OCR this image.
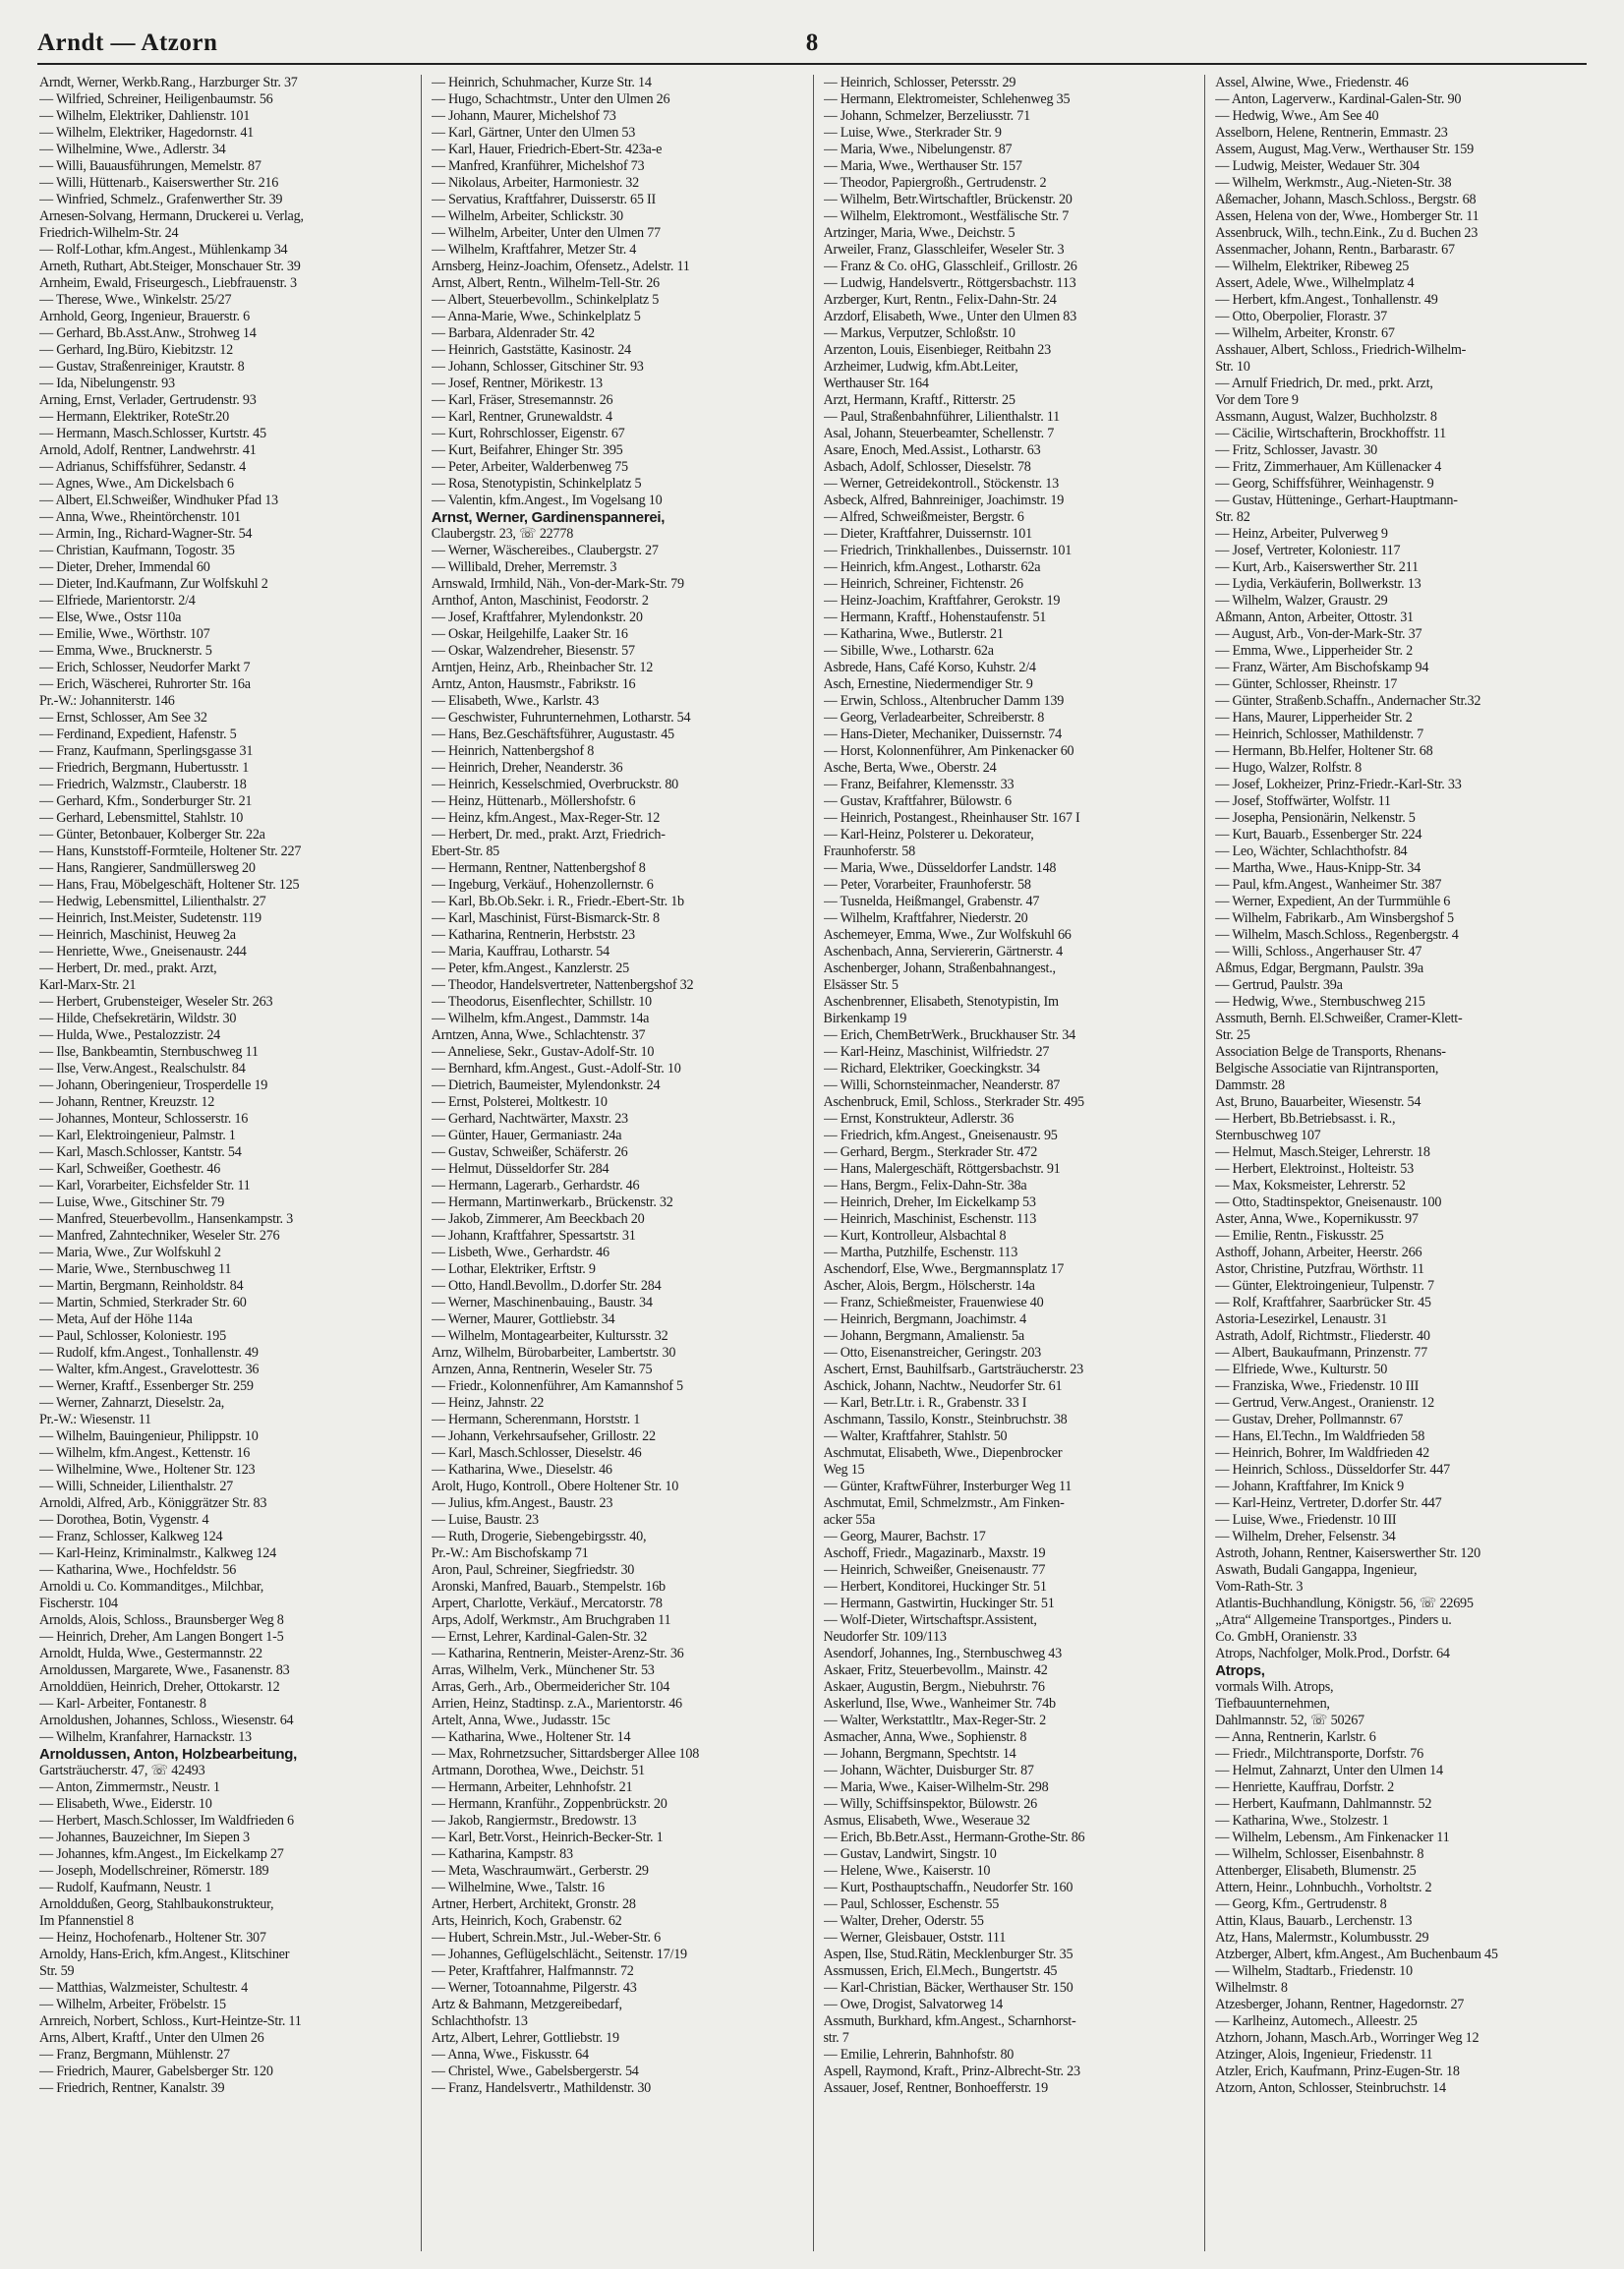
Arndt — Atzorn	8

Arndt, Werner, Werkb.Rang., Harzburger Str. 37

— Wilfried, Schreiner, Heiligenbaumstr. 56

— Wilhelm, Elektriker, Dahlienstr. 101

— Wilhelm, Elektriker, Hagedornstr. 41

— Wilhelmine, Wwe., Adlerstr. 34

— Willi, Bauausführungen, Memelstr. 87

— Willi, Hüttenarb., Kaiserswerther Str. 216

— Winfried, Schmelz., Grafenwerther Str. 39

Arnesen-Solvang, Hermann, Druckerei u. Verlag,

Friedrich-Wilhelm-Str. 24

— Rolf-Lothar, kfm.Angest., Mühlenkamp 34

Arneth, Ruthart, Abt.Steiger, Monschauer Str. 39

Arnheim, Ewald, Friseurgesch., Liebfrauenstr. 3

— Therese, Wwe., Winkelstr. 25/27

Arnhold, Georg, Ingenieur, Brauerstr. 6

— Gerhard, Bb.Asst.Anw., Strohweg 14

— Gerhard, Ing.Büro, Kiebitzstr. 12

— Gustav, Straßenreiniger, Krautstr. 8

— Ida, Nibelungenstr. 93

Arning, Ernst, Verlader, Gertrudenstr. 93

— Hermann, Elektriker, RoteStr.20

— Hermann, Masch.Schlosser, Kurtstr. 45

Arnold, Adolf, Rentner, Landwehrstr. 41

— Adrianus, Schiffsführer, Sedanstr. 4

— Agnes, Wwe., Am Dickelsbach 6

— Albert, El.Schweißer, Windhuker Pfad 13

— Anna, Wwe., Rheintörchenstr. 101

— Armin, Ing., Richard-Wagner-Str. 54

— Christian, Kaufmann, Togostr. 35

— Dieter, Dreher, Immendal 60

— Dieter, Ind.Kaufmann, Zur Wolfskuhl 2

— Elfriede, Marientorstr. 2/4

— Else, Wwe., Ostsr 110a

— Emilie, Wwe., Wörthstr. 107

— Emma, Wwe., Brucknerstr. 5

— Erich, Schlosser, Neudorfer Markt 7

— Erich, Wäscherei, Ruhrorter Str. 16a

Pr.-W.: Johanniterstr. 146

— Ernst, Schlosser, Am See 32

— Ferdinand, Expedient, Hafenstr. 5

— Franz, Kaufmann, Sperlingsgasse 31

— Friedrich, Bergmann, Hubertusstr. 1

— Friedrich, Walzmstr., Clauberstr. 18

— Gerhard, Kfm., Sonderburger Str. 21

— Gerhard, Lebensmittel, Stahlstr. 10

— Günter, Betonbauer, Kolberger Str. 22a

— Hans, Kunststoff-Formteile, Holtener Str. 227

— Hans, Rangierer, Sandmüllersweg 20

— Hans, Frau, Möbelgeschäft, Holtener Str. 125

— Hedwig, Lebensmittel, Lilienthalstr. 27

— Heinrich, Inst.Meister, Sudetenstr. 119

— Heinrich, Maschinist, Heuweg 2a

— Henriette, Wwe., Gneisenaustr. 244

— Herbert, Dr. med., prakt. Arzt,

Karl-Marx-Str. 21

— Herbert, Grubensteiger, Weseler Str. 263

— Hilde, Chefsekretärin, Wildstr. 30

— Hulda, Wwe., Pestalozzistr. 24

— Ilse, Bankbeamtin, Sternbuschweg 11

— Ilse, Verw.Angest., Realschulstr. 84

— Johann, Oberingenieur, Trosperdelle 19

— Johann, Rentner, Kreuzstr. 12

— Johannes, Monteur, Schlosserstr. 16

— Karl, Elektroingenieur, Palmstr. 1

— Karl, Masch.Schlosser, Kantstr. 54

— Karl, Schweißer, Goethestr. 46

— Karl, Vorarbeiter, Eichsfelder Str. 11

— Luise, Wwe., Gitschiner Str. 79

— Manfred, Steuerbevollm., Hansenkampstr. 3

— Manfred, Zahntechniker, Weseler Str. 276

— Maria, Wwe., Zur Wolfskuhl 2

— Marie, Wwe., Sternbuschweg 11

— Martin, Bergmann, Reinholdstr. 84

— Martin, Schmied, Sterkrader Str. 60

— Meta, Auf der Höhe 114a

— Paul, Schlosser, Koloniestr. 195

— Rudolf, kfm.Angest., Tonhallenstr. 49

— Walter, kfm.Angest., Gravelottestr. 36

— Werner, Kraftf., Essenberger Str. 259

— Werner, Zahnarzt, Dieselstr. 2a,

Pr.-W.: Wiesenstr. 11

— Wilhelm, Bauingenieur, Philippstr. 10

— Wilhelm, kfm.Angest., Kettenstr. 16

— Wilhelmine, Wwe., Holtener Str. 123

— Willi, Schneider, Lilienthalstr. 27

Arnoldi, Alfred, Arb., Königgrätzer Str. 83

— Dorothea, Botin, Vygenstr. 4

— Franz, Schlosser, Kalkweg 124

— Karl-Heinz, Kriminalmstr., Kalkweg 124

— Katharina, Wwe., Hochfeldstr. 56

Arnoldi u. Co. Kommanditges., Milchbar,

Fischerstr. 104

Arnolds, Alois, Schloss., Braunsberger Weg 8

— Heinrich, Dreher, Am Langen Bongert 1-5

Arnoldt, Hulda, Wwe., Gestermannstr. 22

Arnoldussen, Margarete, Wwe., Fasanenstr. 83

Arnolddüen, Heinrich, Dreher, Ottokarstr. 12

— Karl- Arbeiter, Fontanestr. 8

Arnoldushen, Johannes, Schloss., Wiesenstr. 64

— Wilhelm, Kranfahrer, Harnackstr. 13

Arnoldussen, Anton, Holzbearbeitung,

Gartsträucherstr. 47, ☏ 42493

— Anton, Zimmermstr., Neustr. 1

— Elisabeth, Wwe., Eiderstr. 10

— Herbert, Masch.Schlosser, Im Waldfrieden 6

— Johannes, Bauzeichner, Im Siepen 3

— Johannes, kfm.Angest., Im Eickelkamp 27

— Joseph, Modellschreiner, Römerstr. 189

— Rudolf, Kaufmann, Neustr. 1

Arnolddußen, Georg, Stahlbaukonstrukteur,

Im Pfannenstiel 8

— Heinz, Hochofenarb., Holtener Str. 307

Arnoldy, Hans-Erich, kfm.Angest., Klitschiner

Str. 59

— Matthias, Walzmeister, Schultestr. 4

— Wilhelm, Arbeiter, Fröbelstr. 15

Arnreich, Norbert, Schloss., Kurt-Heintze-Str. 11

Arns, Albert, Kraftf., Unter den Ulmen 26

— Franz, Bergmann, Mühlenstr. 27

— Friedrich, Maurer, Gabelsberger Str. 120

— Friedrich, Rentner, Kanalstr. 39

— Heinrich, Schuhmacher, Kurze Str. 14

— Hugo, Schachtmstr., Unter den Ulmen 26

— Johann, Maurer, Michelshof 73

— Karl, Gärtner, Unter den Ulmen 53

— Karl, Hauer, Friedrich-Ebert-Str. 423a-e

— Manfred, Kranführer, Michelshof 73

— Nikolaus, Arbeiter, Harmoniestr. 32

— Servatius, Kraftfahrer, Duisserstr. 65 II

— Wilhelm, Arbeiter, Schlickstr. 30

— Wilhelm, Arbeiter, Unter den Ulmen 77

— Wilhelm, Kraftfahrer, Metzer Str. 4

Arnsberg, Heinz-Joachim, Ofensetz., Adelstr. 11

Arnst, Albert, Rentn., Wilhelm-Tell-Str. 26

— Albert, Steuerbevollm., Schinkelplatz 5

— Anna-Marie, Wwe., Schinkelplatz 5

— Barbara, Aldenrader Str. 42

— Heinrich, Gaststätte, Kasinostr. 24

— Johann, Schlosser, Gitschiner Str. 93

— Josef, Rentner, Mörikestr. 13

— Karl, Fräser, Stresemannstr. 26

— Karl, Rentner, Grunewaldstr. 4

— Kurt, Rohrschlosser, Eigenstr. 67

— Kurt, Beifahrer, Ehinger Str. 395

— Peter, Arbeiter, Walderbenweg 75

— Rosa, Stenotypistin, Schinkelplatz 5

— Valentin, kfm.Angest., Im Vogelsang 10

Arnst, Werner, Gardinenspannerei,

Claubergstr. 23, ☏ 22778

— Werner, Wäschereibes., Claubergstr. 27

— Willibald, Dreher, Merremstr. 3

Arnswald, Irmhild, Näh., Von-der-Mark-Str. 79

Arnthof, Anton, Maschinist, Feodorstr. 2

— Josef, Kraftfahrer, Mylendonkstr. 20

— Oskar, Heilgehilfe, Laaker Str. 16

— Oskar, Walzendreher, Biesenstr. 57

Arntjen, Heinz, Arb., Rheinbacher Str. 12

Arntz, Anton, Hausmstr., Fabrikstr. 16

— Elisabeth, Wwe., Karlstr. 43

— Geschwister, Fuhrunternehmen, Lotharstr. 54

— Hans, Bez.Geschäftsführer, Augustastr. 45

— Heinrich, Nattenbergshof 8

— Heinrich, Dreher, Neanderstr. 36

— Heinrich, Kesselschmied, Overbruckstr. 80

— Heinz, Hüttenarb., Möllershofstr. 6

— Heinz, kfm.Angest., Max-Reger-Str. 12

— Herbert, Dr. med., prakt. Arzt, Friedrich-

Ebert-Str. 85

— Hermann, Rentner, Nattenbergshof 8

— Ingeburg, Verkäuf., Hohenzollernstr. 6

— Karl, Bb.Ob.Sekr. i. R., Friedr.-Ebert-Str. 1b

— Karl, Maschinist, Fürst-Bismarck-Str. 8

— Katharina, Rentnerin, Herbststr. 23

— Maria, Kauffrau, Lotharstr. 54

— Peter, kfm.Angest., Kanzlerstr. 25

— Theodor, Handelsvertreter, Nattenbergshof 32

— Theodorus, Eisenflechter, Schillstr. 10

— Wilhelm, kfm.Angest., Dammstr. 14a

Arntzen, Anna, Wwe., Schlachtenstr. 37

— Anneliese, Sekr., Gustav-Adolf-Str. 10

— Bernhard, kfm.Angest., Gust.-Adolf-Str. 10

— Dietrich, Baumeister, Mylendonkstr. 24

— Ernst, Polsterei, Moltkestr. 10

— Gerhard, Nachtwärter, Maxstr. 23

— Günter, Hauer, Germaniastr. 24a

— Gustav, Schweißer, Schäferstr. 26

— Helmut, Düsseldorfer Str. 284

— Hermann, Lagerarb., Gerhardstr. 46

— Hermann, Martinwerkarb., Brückenstr. 32

— Jakob, Zimmerer, Am Beeckbach 20

— Johann, Kraftfahrer, Spessartstr. 31

— Lisbeth, Wwe., Gerhardstr. 46

— Lothar, Elektriker, Erftstr. 9

— Otto, Handl.Bevollm., D.dorfer Str. 284

— Werner, Maschinenbauing., Baustr. 34

— Werner, Maurer, Gottliebstr. 34

— Wilhelm, Montagearbeiter, Kultursstr. 32

Arnz, Wilhelm, Bürobarbeiter, Lambertstr. 30

Arnzen, Anna, Rentnerin, Weseler Str. 75

— Friedr., Kolonnenführer, Am Kamannshof 5

— Heinz, Jahnstr. 22

— Hermann, Scherenmann, Horststr. 1

— Johann, Verkehrsaufseher, Grillostr. 22

— Karl, Masch.Schlosser, Dieselstr. 46

— Katharina, Wwe., Dieselstr. 46

Arolt, Hugo, Kontroll., Obere Holtener Str. 10

— Julius, kfm.Angest., Baustr. 23

— Luise, Baustr. 23

— Ruth, Drogerie, Siebengebirgsstr. 40,

Pr.-W.: Am Bischofskamp 71

Aron, Paul, Schreiner, Siegfriedstr. 30

Aronski, Manfred, Bauarb., Stempelstr. 16b

Arpert, Charlotte, Verkäuf., Mercatorstr. 78

Arps, Adolf, Werkmstr., Am Bruchgraben 11

— Ernst, Lehrer, Kardinal-Galen-Str. 32

— Katharina, Rentnerin, Meister-Arenz-Str. 36

Arras, Wilhelm, Verk., Münchener Str. 53

Arras, Gerh., Arb., Obermeidericher Str. 104

Arrien, Heinz, Stadtinsp. z.A., Marientorstr. 46

Artelt, Anna, Wwe., Judasstr. 15c

— Katharina, Wwe., Holtener Str. 14

— Max, Rohrnetzsucher, Sittardsberger Allee 108

Artmann, Dorothea, Wwe., Deichstr. 51

— Hermann, Arbeiter, Lehnhofstr. 21

— Hermann, Kranführ., Zoppenbrückstr. 20

— Jakob, Rangiermstr., Bredowstr. 13

— Karl, Betr.Vorst., Heinrich-Becker-Str. 1

— Katharina, Kampstr. 83

— Meta, Waschraumwärt., Gerberstr. 29

— Wilhelmine, Wwe., Talstr. 16

Artner, Herbert, Architekt, Gronstr. 28

Arts, Heinrich, Koch, Grabenstr. 62

— Hubert, Schrein.Mstr., Jul.-Weber-Str. 6

— Johannes, Geflügelschlächt., Seitenstr. 17/19

— Peter, Kraftfahrer, Halfmannstr. 72

— Werner, Totoannahme, Pilgerstr. 43

Artz & Bahmann, Metzgereibedarf,

Schlachthofstr. 13

Artz, Albert, Lehrer, Gottliebstr. 19

— Anna, Wwe., Fiskusstr. 64

— Christel, Wwe., Gabelsbergerstr. 54

— Franz, Handelsvertr., Mathildenstr. 30

— Heinrich, Schlosser, Petersstr. 29

— Hermann, Elektromeister, Schlehenweg 35

— Johann, Schmelzer, Berzeliusstr. 71

— Luise, Wwe., Sterkrader Str. 9

— Maria, Wwe., Nibelungenstr. 87

— Maria, Wwe., Werthauser Str. 157

— Theodor, Papiergroßh., Gertrudenstr. 2

— Wilhelm, Betr.Wirtschaftler, Brückenstr. 20

— Wilhelm, Elektromont., Westfälische Str. 7

Artzinger, Maria, Wwe., Deichstr. 5

Arweiler, Franz, Glasschleifer, Weseler Str. 3

— Franz & Co. oHG, Glasschleif., Grillostr. 26

— Ludwig, Handelsvertr., Röttgersbachstr. 113

Arzberger, Kurt, Rentn., Felix-Dahn-Str. 24

Arzdorf, Elisabeth, Wwe., Unter den Ulmen 83

— Markus, Verputzer, Schloßstr. 10

Arzenton, Louis, Eisenbieger, Reitbahn 23

Arzheimer, Ludwig, kfm.Abt.Leiter,

Werthauser Str. 164

Arzt, Hermann, Kraftf., Ritterstr. 25

— Paul, Straßenbahnführer, Lilienthalstr. 11

Asal, Johann, Steuerbeamter, Schellenstr. 7

Asare, Enoch, Med.Assist., Lotharstr. 63

Asbach, Adolf, Schlosser, Dieselstr. 78

— Werner, Getreidekontroll., Stöckenstr. 13

Asbeck, Alfred, Bahnreiniger, Joachimstr. 19

— Alfred, Schweißmeister, Bergstr. 6

— Dieter, Kraftfahrer, Duissernstr. 101

— Friedrich, Trinkhallenbes., Duissernstr. 101

— Heinrich, kfm.Angest., Lotharstr. 62a

— Heinrich, Schreiner, Fichtenstr. 26

— Heinz-Joachim, Kraftfahrer, Gerokstr. 19

— Hermann, Kraftf., Hohenstaufenstr. 51

— Katharina, Wwe., Butlerstr. 21

— Sibille, Wwe., Lotharstr. 62a

Asbrede, Hans, Café Korso, Kuhstr. 2/4

Asch, Ernestine, Niedermendiger Str. 9

— Erwin, Schloss., Altenbrucher Damm 139

— Georg, Verladearbeiter, Schreiberstr. 8

— Hans-Dieter, Mechaniker, Duissernstr. 74

— Horst, Kolonnenführer, Am Pinkenacker 60

Asche, Berta, Wwe., Oberstr. 24

— Franz, Beifahrer, Klemensstr. 33

— Gustav, Kraftfahrer, Bülowstr. 6

— Heinrich, Postangest., Rheinhauser Str. 167 I

— Karl-Heinz, Polsterer u. Dekorateur,

Fraunhoferstr. 58

— Maria, Wwe., Düsseldorfer Landstr. 148

— Peter, Vorarbeiter, Fraunhoferstr. 58

— Tusnelda, Heißmangel, Grabenstr. 47

— Wilhelm, Kraftfahrer, Niederstr. 20

Aschemeyer, Emma, Wwe., Zur Wolfskuhl 66

Aschenbach, Anna, Serviererin, Gärtnerstr. 4

Aschenberger, Johann, Straßenbahnangest.,

Elsässer Str. 5

Aschenbrenner, Elisabeth, Stenotypistin, Im

Birkenkamp 19

— Erich, ChemBetrWerk., Bruckhauser Str. 34

— Karl-Heinz, Maschinist, Wilfriedstr. 27

— Richard, Elektriker, Goeckingkstr. 34

— Willi, Schornsteinmacher, Neanderstr. 87

Aschenbruck, Emil, Schloss., Sterkrader Str. 495

— Ernst, Konstrukteur, Adlerstr. 36

— Friedrich, kfm.Angest., Gneisenaustr. 95

— Gerhard, Bergm., Sterkrader Str. 472

— Hans, Malergeschäft, Röttgersbachstr. 91

— Hans, Bergm., Felix-Dahn-Str. 38a

— Heinrich, Dreher, Im Eickelkamp 53

— Heinrich, Maschinist, Eschenstr. 113

— Kurt, Kontrolleur, Alsbachtal 8

— Martha, Putzhilfe, Eschenstr. 113

Aschendorf, Else, Wwe., Bergmannsplatz 17

Ascher, Alois, Bergm., Hölscherstr. 14a

— Franz, Schießmeister, Frauenwiese 40

— Heinrich, Bergmann, Joachimstr. 4

— Johann, Bergmann, Amalienstr. 5a

— Otto, Eisenanstreicher, Geringstr. 203

Aschert, Ernst, Bauhilfsarb., Gartsträucherstr. 23

Aschick, Johann, Nachtw., Neudorfer Str. 61

— Karl, Betr.Ltr. i. R., Grabenstr. 33 I

Aschmann, Tassilo, Konstr., Steinbruchstr. 38

— Walter, Kraftfahrer, Stahlstr. 50

Aschmutat, Elisabeth, Wwe., Diepenbrocker

Weg 15

— Günter, KraftwFührer, Insterburger Weg 11

Aschmutat, Emil, Schmelzmstr., Am Finken-

acker 55a

— Georg, Maurer, Bachstr. 17

Aschoff, Friedr., Magazinarb., Maxstr. 19

— Heinrich, Schweißer, Gneisenaustr. 77

— Herbert, Konditorei, Huckinger Str. 51

— Hermann, Gastwirtin, Huckinger Str. 51

— Wolf-Dieter, Wirtschaftspr.Assistent,

Neudorfer Str. 109/113

Asendorf, Johannes, Ing., Sternbuschweg 43

Askaer, Fritz, Steuerbevollm., Mainstr. 42

Askaer, Augustin, Bergm., Niebuhrstr. 76

Askerlund, Ilse, Wwe., Wanheimer Str. 74b

— Walter, Werkstattltr., Max-Reger-Str. 2

Asmacher, Anna, Wwe., Sophienstr. 8

— Johann, Bergmann, Spechtstr. 14

— Johann, Wächter, Duisburger Str. 87

— Maria, Wwe., Kaiser-Wilhelm-Str. 298

— Willy, Schiffsinspektor, Bülowstr. 26

Asmus, Elisabeth, Wwe., Weseraue 32

— Erich, Bb.Betr.Asst., Hermann-Grothe-Str. 86

— Gustav, Landwirt, Singstr. 10

— Helene, Wwe., Kaiserstr. 10

— Kurt, Posthauptschaffn., Neudorfer Str. 160

— Paul, Schlosser, Eschenstr. 55

— Walter, Dreher, Oderstr. 55

— Werner, Gleisbauer, Oststr. 111

Aspen, Ilse, Stud.Rätin, Mecklenburger Str. 35

Assmussen, Erich, El.Mech., Bungertstr. 45

— Karl-Christian, Bäcker, Werthauser Str. 150

— Owe, Drogist, Salvatorweg 14

Assmuth, Burkhard, kfm.Angest., Scharnhorst-

str. 7

— Emilie, Lehrerin, Bahnhofstr. 80

Aspell, Raymond, Kraft., Prinz-Albrecht-Str. 23

Assauer, Josef, Rentner, Bonhoefferstr. 19

Assel, Alwine, Wwe., Friedenstr. 46

— Anton, Lagerverw., Kardinal-Galen-Str. 90

— Hedwig, Wwe., Am See 40

Asselborn, Helene, Rentnerin, Emmastr. 23

Assem, August, Mag.Verw., Werthauser Str. 159

— Ludwig, Meister, Wedauer Str. 304

— Wilhelm, Werkmstr., Aug.-Nieten-Str. 38

Aßemacher, Johann, Masch.Schloss., Bergstr. 68

Assen, Helena von der, Wwe., Homberger Str. 11

Assenbruck, Wilh., techn.Eink., Zu d. Buchen 23

Assenmacher, Johann, Rentn., Barbarastr. 67

— Wilhelm, Elektriker, Ribeweg 25

Assert, Adele, Wwe., Wilhelmplatz 4

— Herbert, kfm.Angest., Tonhallenstr. 49

— Otto, Oberpolier, Florastr. 37

— Wilhelm, Arbeiter, Kronstr. 67

Asshauer, Albert, Schloss., Friedrich-Wilhelm-

Str. 10

— Arnulf Friedrich, Dr. med., prkt. Arzt,

Vor dem Tore 9

Assmann, August, Walzer, Buchholzstr. 8

— Cäcilie, Wirtschafterin, Brockhoffstr. 11

— Fritz, Schlosser, Javastr. 30

— Fritz, Zimmerhauer, Am Küllenacker 4

— Georg, Schiffsführer, Weinhagenstr. 9

— Gustav, Hütteninge., Gerhart-Hauptmann-

Str. 82

— Heinz, Arbeiter, Pulverweg 9

— Josef, Vertreter, Koloniestr. 117

— Kurt, Arb., Kaiserswerther Str. 211

— Lydia, Verkäuferin, Bollwerkstr. 13

— Wilhelm, Walzer, Graustr. 29

Aßmann, Anton, Arbeiter, Ottostr. 31

— August, Arb., Von-der-Mark-Str. 37

— Emma, Wwe., Lipperheider Str. 2

— Franz, Wärter, Am Bischofskamp 94

— Günter, Schlosser, Rheinstr. 17

— Günter, Straßenb.Schaffn., Andernacher Str.32

— Hans, Maurer, Lipperheider Str. 2

— Heinrich, Schlosser, Mathildenstr. 7

— Hermann, Bb.Helfer, Holtener Str. 68

— Hugo, Walzer, Rolfstr. 8

— Josef, Lokheizer, Prinz-Friedr.-Karl-Str. 33

— Josef, Stoffwärter, Wolfstr. 11

— Josepha, Pensionärin, Nelkenstr. 5

— Kurt, Bauarb., Essenberger Str. 224

— Leo, Wächter, Schlachthofstr. 84

— Martha, Wwe., Haus-Knipp-Str. 34

— Paul, kfm.Angest., Wanheimer Str. 387

— Werner, Expedient, An der Turmmühle 6

— Wilhelm, Fabrikarb., Am Winsbergshof 5

— Wilhelm, Masch.Schloss., Regenbergstr. 4

— Willi, Schloss., Angerhauser Str. 47

Aßmus, Edgar, Bergmann, Paulstr. 39a

— Gertrud, Paulstr. 39a

— Hedwig, Wwe., Sternbuschweg 215

Assmuth, Bernh. El.Schweißer, Cramer-Klett-

Str. 25

Association Belge de Transports, Rhenans-

Belgische Associatie van Rijntransporten,

Dammstr. 28

Ast, Bruno, Bauarbeiter, Wiesenstr. 54

— Herbert, Bb.Betriebsasst. i. R.,

Sternbuschweg 107

— Helmut, Masch.Steiger, Lehrerstr. 18

— Herbert, Elektroinst., Holteistr. 53

— Max, Koksmeister, Lehrerstr. 52

— Otto, Stadtinspektor, Gneisenaustr. 100

Aster, Anna, Wwe., Kopernikusstr. 97

— Emilie, Rentn., Fiskusstr. 25

Asthoff, Johann, Arbeiter, Heerstr. 266

Astor, Christine, Putzfrau, Wörthstr. 11

— Günter, Elektroingenieur, Tulpenstr. 7

— Rolf, Kraftfahrer, Saarbrücker Str. 45

Astoria-Lesezirkel, Lenaustr. 31

Astrath, Adolf, Richtmstr., Fliederstr. 40

— Albert, Baukaufmann, Prinzenstr. 77

— Elfriede, Wwe., Kulturstr. 50

— Franziska, Wwe., Friedenstr. 10 III

— Gertrud, Verw.Angest., Oranienstr. 12

— Gustav, Dreher, Pollmannstr. 67

— Hans, El.Techn., Im Waldfrieden 58

— Heinrich, Bohrer, Im Waldfrieden 42

— Heinrich, Schloss., Düsseldorfer Str. 447

— Johann, Kraftfahrer, Im Knick 9

— Karl-Heinz, Vertreter, D.dorfer Str. 447

— Luise, Wwe., Friedenstr. 10 III

— Wilhelm, Dreher, Felsenstr. 34

Astroth, Johann, Rentner, Kaiserswerther Str. 120

Aswath, Budali Gangappa, Ingenieur,

Vom-Rath-Str. 3

Atlantis-Buchhandlung, Königstr. 56, ☏ 22695

„Atra“ Allgemeine Transportges., Pinders u.

Co. GmbH, Oranienstr. 33

Atrops, Nachfolger, Molk.Prod., Dorfstr. 64

Atrops,

vormals Wilh. Atrops,

Tiefbauunternehmen,

Dahlmannstr. 52, ☏ 50267

— Anna, Rentnerin, Karlstr. 6

— Friedr., Milchtransporte, Dorfstr. 76

— Helmut, Zahnarzt, Unter den Ulmen 14

— Henriette, Kauffrau, Dorfstr. 2

— Herbert, Kaufmann, Dahlmannstr. 52

— Katharina, Wwe., Stolzestr. 1

— Wilhelm, Lebensm., Am Finkenacker 11

— Wilhelm, Schlosser, Eisenbahnstr. 8

Attenberger, Elisabeth, Blumenstr. 25

Attern, Heinr., Lohnbuchh., Vorholtstr. 2

— Georg, Kfm., Gertrudenstr. 8

Attin, Klaus, Bauarb., Lerchenstr. 13

Atz, Hans, Malermstr., Kolumbusstr. 29

Atzberger, Albert, kfm.Angest., Am Buchenbaum 45

— Wilhelm, Stadtarb., Friedenstr. 10

Wilhelmstr. 8

Atzesberger, Johann, Rentner, Hagedornstr. 27

— Karlheinz, Automech., Alleestr. 25

Atzhorn, Johann, Masch.Arb., Worringer Weg 12

Atzinger, Alois, Ingenieur, Friedenstr. 11

Atzler, Erich, Kaufmann, Prinz-Eugen-Str. 18

Atzorn, Anton, Schlosser, Steinbruchstr. 14
